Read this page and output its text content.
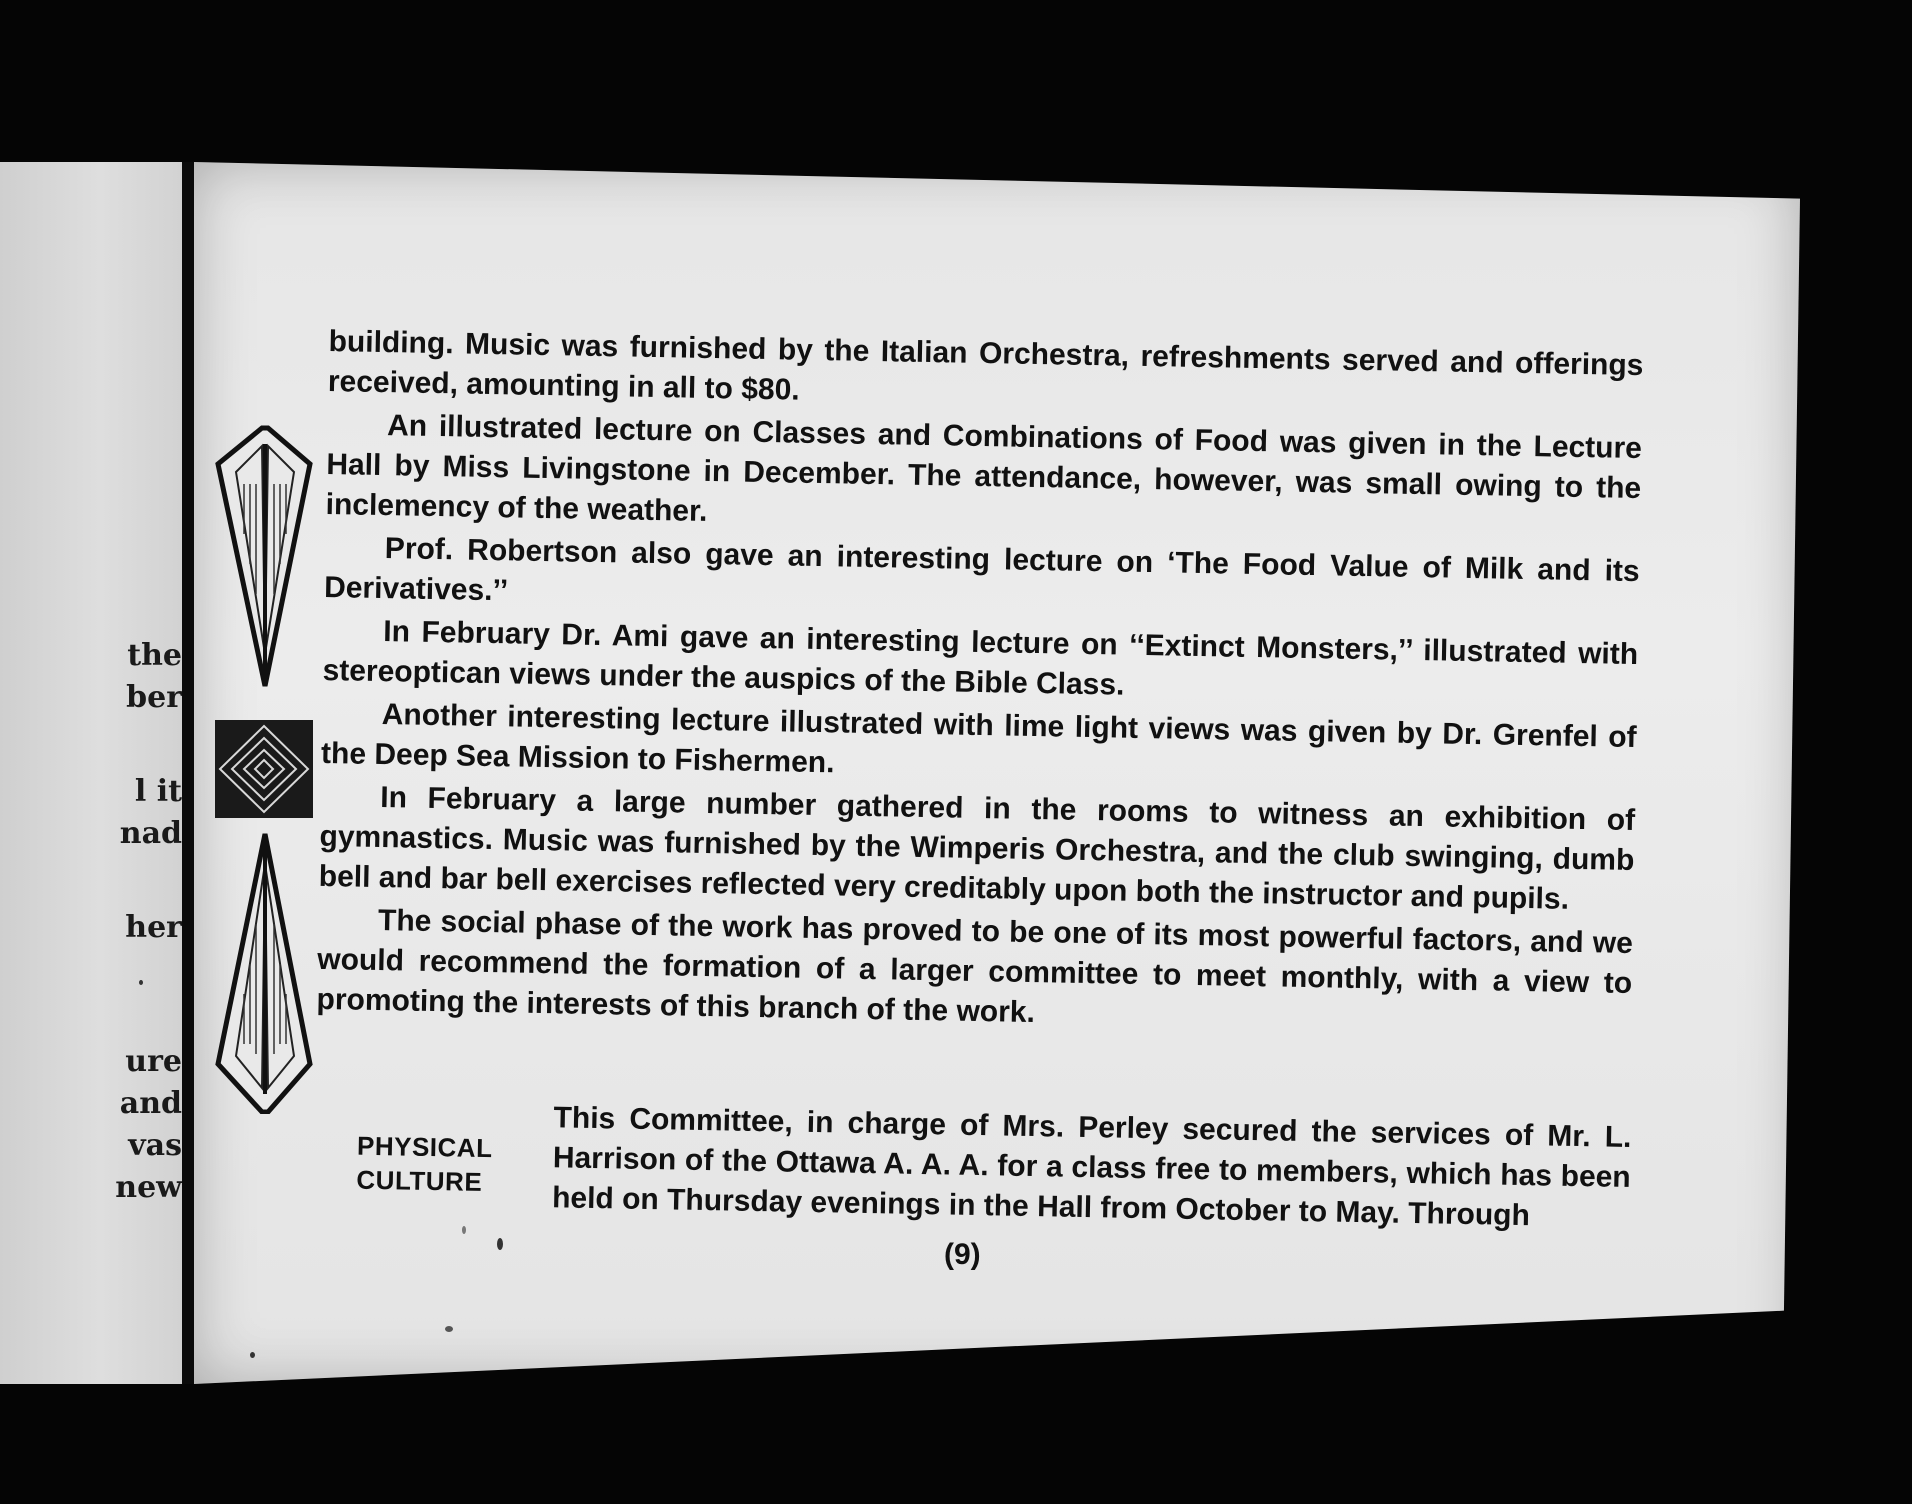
the
ber
l it
nad
her
ure
and
vas
new

building. Music was furnished by the Italian Orchestra, refreshments served and offerings received, amounting in all to $80.

An illustrated lecture on Classes and Combinations of Food was given in the Lecture Hall by Miss Livingstone in December. The attendance, however, was small owing to the inclemency of the weather.

Prof. Robertson also gave an interesting lecture on ‘The Food Value of Milk and its Derivatives.’’

In February Dr. Ami gave an interesting lecture on ‘‘Extinct Monsters,’’ illustrated with stereoptican views under the auspics of the Bible Class.

Another interesting lecture illustrated with lime light views was given by Dr. Grenfel of the Deep Sea Mission to Fishermen.

In February a large number gathered in the rooms to witness an exhibition of gymnastics. Music was furnished by the Wimperis Orchestra, and the club swinging, dumb bell and bar bell exercises reflected very creditably upon both the instructor and pupils.

The social phase of the work has proved to be one of its most powerful factors, and we would recommend the formation of a larger committee to meet monthly, with a view to promoting the interests of this branch of the work.

PHYSICAL
CULTURE
This Committee, in charge of Mrs. Perley secured the services of Mr. L. Harrison of the Ottawa A. A. A. for a class free to members, which has been held on Thursday evenings in the Hall from October to May. Through
(9)
